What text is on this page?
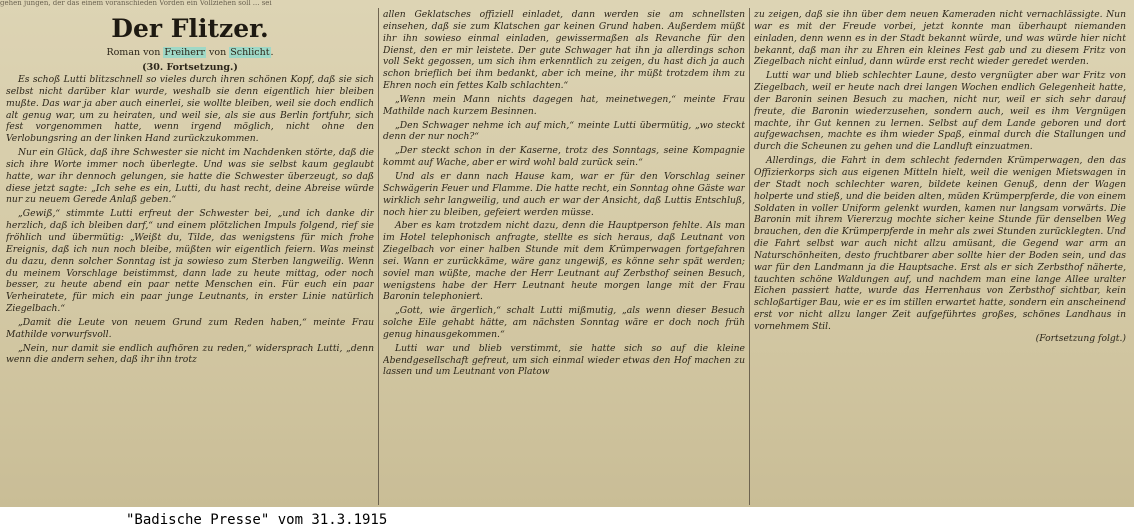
gehen jungen, der das einem voranschieden Vorden ein Vollziehen soll ... sei
Der Flitzer.
Roman von Freiherr von Schlicht.
(30. Fortsetzung.)

Es schoß Lutti blitzschnell so vieles durch ihren schönen Kopf, daß sie sich selbst nicht darüber klar wurde, weshalb sie denn eigentlich hier bleiben mußte. Das war ja aber auch einerlei, sie wollte bleiben, weil sie doch endlich alt genug war, um zu heiraten, und weil sie, als sie aus Berlin fortfuhr, sich fest vorgenommen hatte, wenn irgend möglich, nicht ohne den Verlobungsring an der linken Hand zurückzukommen.

Nur ein Glück, daß ihre Schwester sie nicht im Nachdenken störte, daß die sich ihre Worte immer noch überlegte. Und was sie selbst kaum geglaubt hatte, war ihr dennoch gelungen, sie hatte die Schwester überzeugt, so daß diese jetzt sagte: „Ich sehe es ein, Lutti, du hast recht, deine Abreise würde nur zu neuem Gerede Anlaß geben.“

„Gewiß,“ stimmte Lutti erfreut der Schwester bei, „und ich danke dir herzlich, daß ich bleiben darf,“ und einem plötzlichen Impuls folgend, rief sie fröhlich und übermütig: „Weißt du, Tilde, das wenigstens für mich frohe Ereignis, daß ich nun noch bleibe, müßten wir eigentlich feiern. Was meinst du dazu, denn solcher Sonntag ist ja sowieso zum Sterben langweilig. Wenn du meinem Vorschlage beistimmst, dann lade zu heute mittag, oder noch besser, zu heute abend ein paar nette Menschen ein. Für euch ein paar Verheiratete, für mich ein paar junge Leutnants, in erster Linie natürlich Ziegelbach.“

„Damit die Leute von neuem Grund zum Reden haben,“ meinte Frau Mathilde vorwurfsvoll.

„Nein, nur damit sie endlich aufhören zu reden,“ widersprach Lutti, „denn wenn die andern sehen, daß ihr ihn trotz

allen Geklatsches offiziell einladet, dann werden sie am schnellsten einsehen, daß sie zum Klatschen gar keinen Grund haben. Außerdem müßt ihr ihn sowieso einmal einladen, gewissermaßen als Revanche für den Dienst, den er mir leistete. Der gute Schwager hat ihn ja allerdings schon voll Sekt gegossen, um sich ihm erkenntlich zu zeigen, du hast dich ja auch schon brieflich bei ihm bedankt, aber ich meine, ihr müßt trotzdem ihm zu Ehren noch ein fettes Kalb schlachten.“

„Wenn mein Mann nichts dagegen hat, meinetwegen,“ meinte Frau Mathilde nach kurzem Besinnen.

„Den Schwager nehme ich auf mich,“ meinte Lutti übermütig, „wo steckt denn der nur noch?“

„Der steckt schon in der Kaserne, trotz des Sonntags, seine Kompagnie kommt auf Wache, aber er wird wohl bald zurück sein.“

Und als er dann nach Hause kam, war er für den Vorschlag seiner Schwägerin Feuer und Flamme. Die hatte recht, ein Sonntag ohne Gäste war wirklich sehr langweilig, und auch er war der Ansicht, daß Luttis Entschluß, noch hier zu bleiben, gefeiert werden müsse.

Aber es kam trotzdem nicht dazu, denn die Hauptperson fehlte. Als man im Hotel telephonisch anfragte, stellte es sich heraus, daß Leutnant von Ziegelbach vor einer halben Stunde mit dem Krümperwagen fortgefahren sei. Wann er zurückkäme, wäre ganz ungewiß, es könne sehr spät werden; soviel man wüßte, mache der Herr Leutnant auf Zerbsthof seinen Besuch, wenigstens habe der Herr Leutnant heute morgen lange mit der Frau Baronin telephoniert.

„Gott, wie ärgerlich,“ schalt Lutti mißmutig, „als wenn dieser Besuch solche Eile gehabt hätte, am nächsten Sonntag wäre er doch noch früh genug hinausgekommen.“

Lutti war und blieb verstimmt, sie hatte sich so auf die kleine Abendgesellschaft gefreut, um sich einmal wieder etwas den Hof machen zu lassen und um Leutnant von Platow

zu zeigen, daß sie ihn über dem neuen Kameraden nicht vernachlässigte. Nun war es mit der Freude vorbei, jetzt konnte man überhaupt niemanden einladen, denn wenn es in der Stadt bekannt würde, und was würde hier nicht bekannt, daß man ihr zu Ehren ein kleines Fest gab und zu diesem Fritz von Ziegelbach nicht einlud, dann würde erst recht wieder geredet werden.

Lutti war und blieb schlechter Laune, desto vergnügter aber war Fritz von Ziegelbach, weil er heute nach drei langen Wochen endlich Gelegenheit hatte, der Baronin seinen Besuch zu machen, nicht nur, weil er sich sehr darauf freute, die Baronin wiederzusehen, sondern auch, weil es ihm Vergnügen machte, ihr Gut kennen zu lernen. Selbst auf dem Lande geboren und dort aufgewachsen, machte es ihm wieder Spaß, einmal durch die Stallungen und durch die Scheunen zu gehen und die Landluft einzuatmen.

Allerdings, die Fahrt in dem schlecht federnden Krümperwagen, den das Offizierkorps sich aus eigenen Mitteln hielt, weil die wenigen Mietswagen in der Stadt noch schlechter waren, bildete keinen Genuß, denn der Wagen holperte und stieß, und die beiden alten, müden Krümperpferde, die von einem Soldaten in voller Uniform gelenkt wurden, kamen nur langsam vorwärts. Die Baronin mit ihrem Viererzug mochte sicher keine Stunde für denselben Weg brauchen, den die Krümperpferde in mehr als zwei Stunden zurücklegten. Und die Fahrt selbst war auch nicht allzu amüsant, die Gegend war arm an Naturschönheiten, desto fruchtbarer aber sollte hier der Boden sein, und das war für den Landmann ja die Hauptsache. Erst als er sich Zerbsthof näherte, tauchten schöne Waldungen auf, und nachdem man eine lange Allee uralter Eichen passiert hatte, wurde das Herrenhaus von Zerbsthof sichtbar, kein schloßartiger Bau, wie er es im stillen erwartet hatte, sondern ein anscheinend erst vor nicht allzu langer Zeit aufgeführtes großes, schönes Landhaus in vornehmem Stil.

(Fortsetzung folgt.)

"Badische Presse" vom 31.3.1915
